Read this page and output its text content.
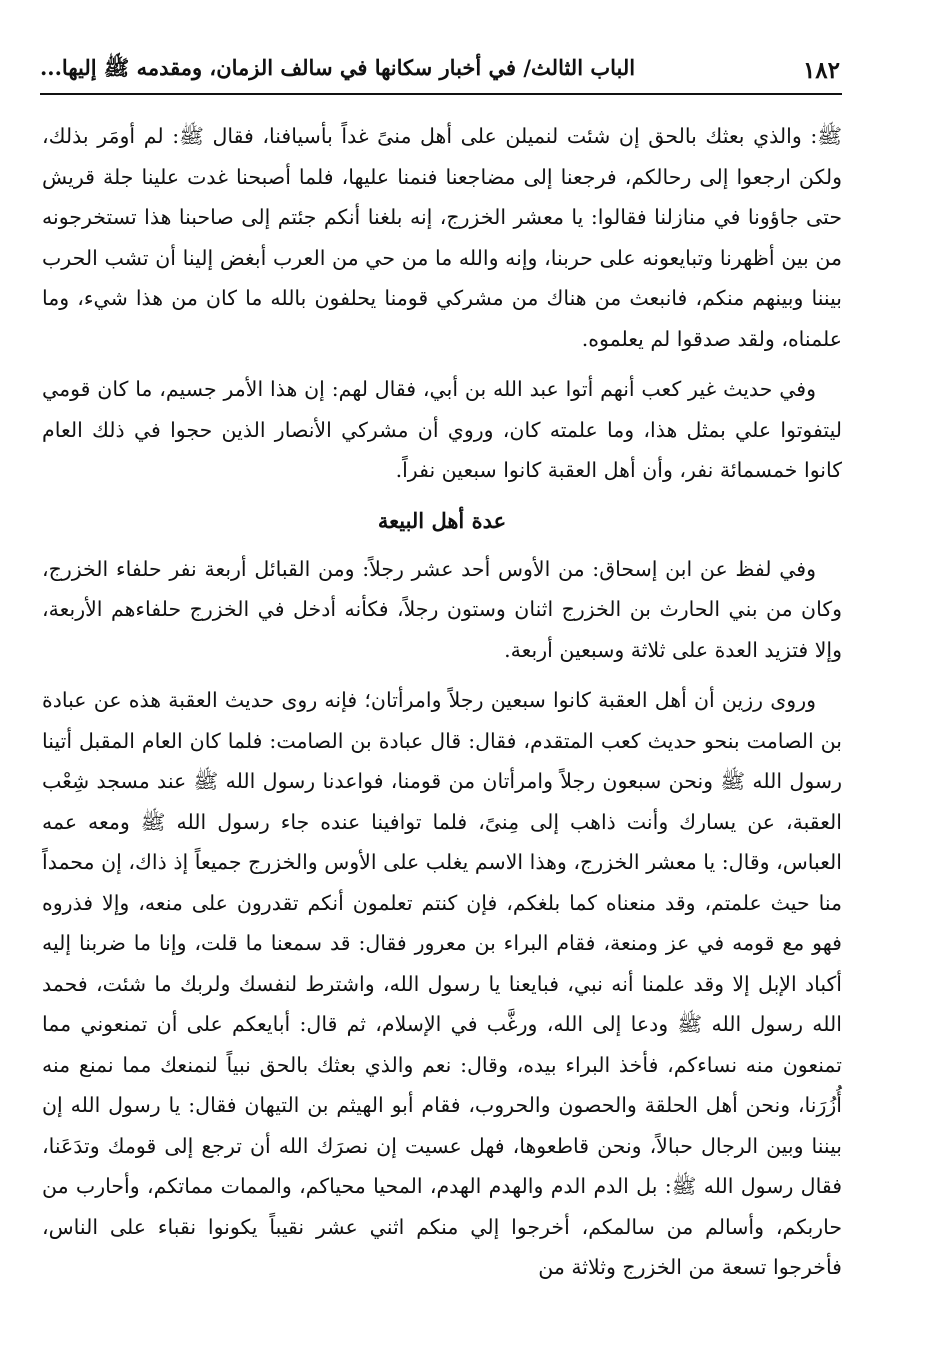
١٨٢
الباب الثالث/ في أخبار سكانها في سالف الزمان، ومقدمه ﷺ إليها...

ﷺ: والذي بعثك بالحق إن شئت لنميلن على أهل منىً غداً بأسيافنا، فقال ﷺ: لم أومَر بذلك، ولكن ارجعوا إلى رحالكم، فرجعنا إلى مضاجعنا فنمنا عليها، فلما أصبحنا غدت علينا جلة قريش حتى جاؤونا في منازلنا فقالوا: يا معشر الخزرج، إنه بلغنا أنكم جئتم إلى صاحبنا هذا تستخرجونه من بين أظهرنا وتبايعونه على حربنا، وإنه والله ما من حي من العرب أبغض إلينا أن تشب الحرب بيننا وبينهم منكم، فانبعث من هناك من مشركي قومنا يحلفون بالله ما كان من هذا شيء، وما علمناه، ولقد صدقوا لم يعلموه.

وفي حديث غير كعب أنهم أتوا عبد الله بن أبي، فقال لهم: إن هذا الأمر جسيم، ما كان قومي ليتفوتوا علي بمثل هذا، وما علمته كان، وروي أن مشركي الأنصار الذين حجوا في ذلك العام كانوا خمسمائة نفر، وأن أهل العقبة كانوا سبعين نفراً.

عدة أهل البيعة

وفي لفظ عن ابن إسحاق: من الأوس أحد عشر رجلاً: ومن القبائل أربعة نفر حلفاء الخزرج، وكان من بني الحارث بن الخزرج اثنان وستون رجلاً، فكأنه أدخل في الخزرج حلفاءهم الأربعة، وإلا فتزيد العدة على ثلاثة وسبعين أربعة.

وروى رزين أن أهل العقبة كانوا سبعين رجلاً وامرأتان؛ فإنه روى حديث العقبة هذه عن عبادة بن الصامت بنحو حديث كعب المتقدم، فقال: قال عبادة بن الصامت: فلما كان العام المقبل أتينا رسول الله ﷺ ونحن سبعون رجلاً وامرأتان من قومنا، فواعدنا رسول الله ﷺ عند مسجد شِعْب العقبة، عن يسارك وأنت ذاهب إلى مِنىً، فلما توافينا عنده جاء رسول الله ﷺ ومعه عمه العباس، وقال: يا معشر الخزرج، وهذا الاسم يغلب على الأوس والخزرج جميعاً إذ ذاك، إن محمداً منا حيث علمتم، وقد منعناه كما بلغكم، فإن كنتم تعلمون أنكم تقدرون على منعه، وإلا فذروه فهو مع قومه في عز ومنعة، فقام البراء بن معرور فقال: قد سمعنا ما قلت، وإنا ما ضربنا إليه أكباد الإبل إلا وقد علمنا أنه نبي، فبايعنا يا رسول الله، واشترط لنفسك ولربك ما شئت، فحمد الله رسول الله ﷺ ودعا إلى الله، ورغَّب في الإسلام، ثم قال: أبايعكم على أن تمنعوني مما تمنعون منه نساءكم، فأخذ البراء بيده، وقال: نعم والذي بعثك بالحق نبياً لنمنعك مما نمنع منه أُزُرَنا، ونحن أهل الحلقة والحصون والحروب، فقام أبو الهيثم بن التيهان فقال: يا رسول الله إن بيننا وبين الرجال حبالاً، ونحن قاطعوها، فهل عسيت إن نصرَك الله أن ترجع إلى قومك وتدَعَنا، فقال رسول الله ﷺ: بل الدم الدم والهدم الهدم، المحيا محياكم، والممات مماتكم، وأحارب من حاربكم، وأسالم من سالمكم، أخرجوا إلي منكم اثني عشر نقيباً يكونوا نقباء على الناس، فأخرجوا تسعة من الخزرج وثلاثة من
